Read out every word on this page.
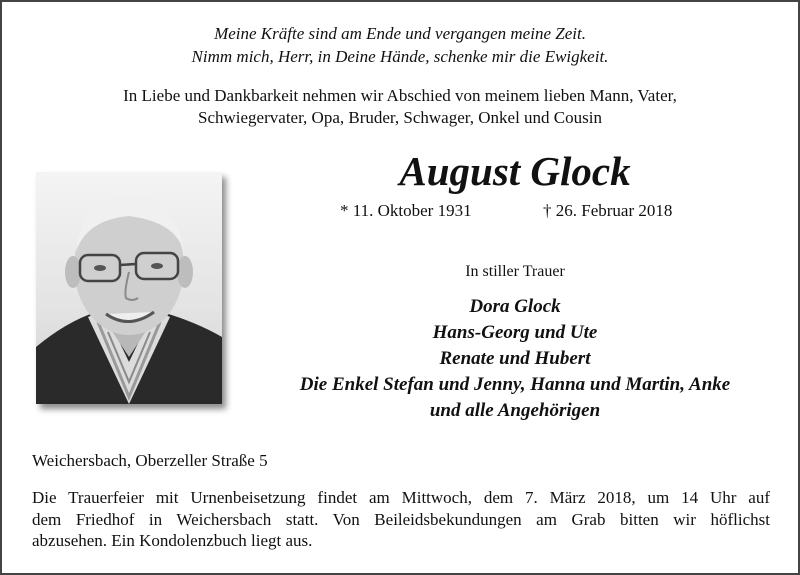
Meine Kräfte sind am Ende und vergangen meine Zeit.
Nimm mich, Herr, in Deine Hände, schenke mir die Ewigkeit.
In Liebe und Dankbarkeit nehmen wir Abschied von meinem lieben Mann, Vater,
Schwiegervater, Opa, Bruder, Schwager, Onkel und Cousin
August Glock
* 11. Oktober 1931	† 26. Februar 2018
In stiller Trauer
Dora Glock
Hans-Georg und Ute
Renate und Hubert
Die Enkel Stefan und Jenny, Hanna und Martin, Anke
und alle Angehörigen
Weichersbach, Oberzeller Straße 5
Die Trauerfeier mit Urnenbeisetzung findet am Mittwoch, dem 7. März 2018, um 14 Uhr auf
dem Friedhof in Weichersbach statt. Von Beileidsbekundungen am Grab bitten wir höflichst
abzusehen. Ein Kondolenzbuch liegt aus.
